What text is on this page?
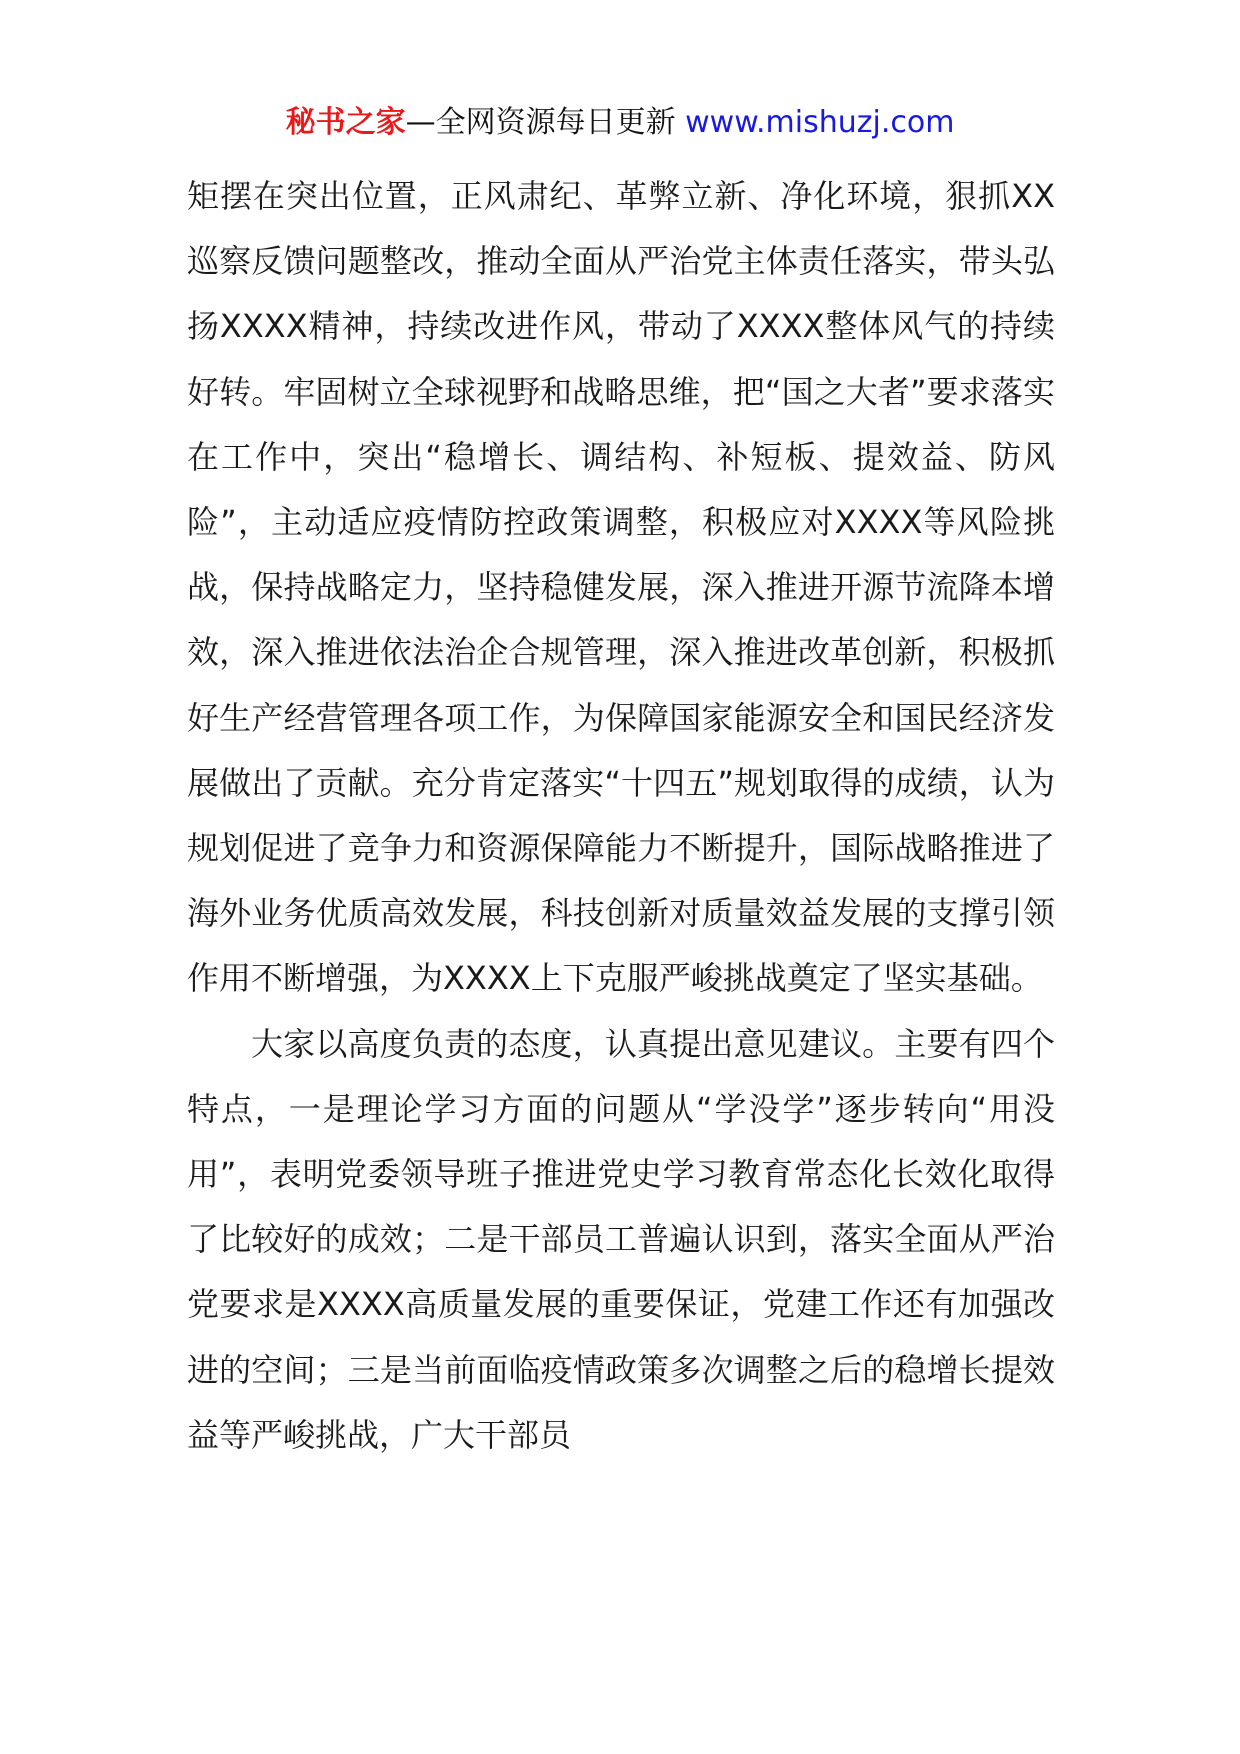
秘书之家—全网资源每日更新 www.mishuzj.com

矩摆在突出位置，正风肃纪、革弊立新、净化环境，狠抓XX巡察反馈问题整改，推动全面从严治党主体责任落实，带头弘扬XXXX精神，持续改进作风，带动了XXXX整体风气的持续好转。牢固树立全球视野和战略思维，把“国之大者”要求落实在工作中，突出“稳增长、调结构、补短板、提效益、防风险”，主动适应疫情防控政策调整，积极应对XXXX等风险挑战，保持战略定力，坚持稳健发展，深入推进开源节流降本增效，深入推进依法治企合规管理，深入推进改革创新，积极抓好生产经营管理各项工作，为保障国家能源安全和国民经济发展做出了贡献。充分肯定落实“十四五”规划取得的成绩，认为规划促进了竞争力和资源保障能力不断提升，国际战略推进了海外业务优质高效发展，科技创新对质量效益发展的支撑引领作用不断增强，为XXXX上下克服严峻挑战奠定了坚实基础。

大家以高度负责的态度，认真提出意见建议。主要有四个特点，一是理论学习方面的问题从“学没学”逐步转向“用没用”，表明党委领导班子推进党史学习教育常态化长效化取得了比较好的成效；二是干部员工普遍认识到，落实全面从严治党要求是XXXX高质量发展的重要保证，党建工作还有加强改进的空间；三是当前面临疫情政策多次调整之后的稳增长提效益等严峻挑战，广大干部员
